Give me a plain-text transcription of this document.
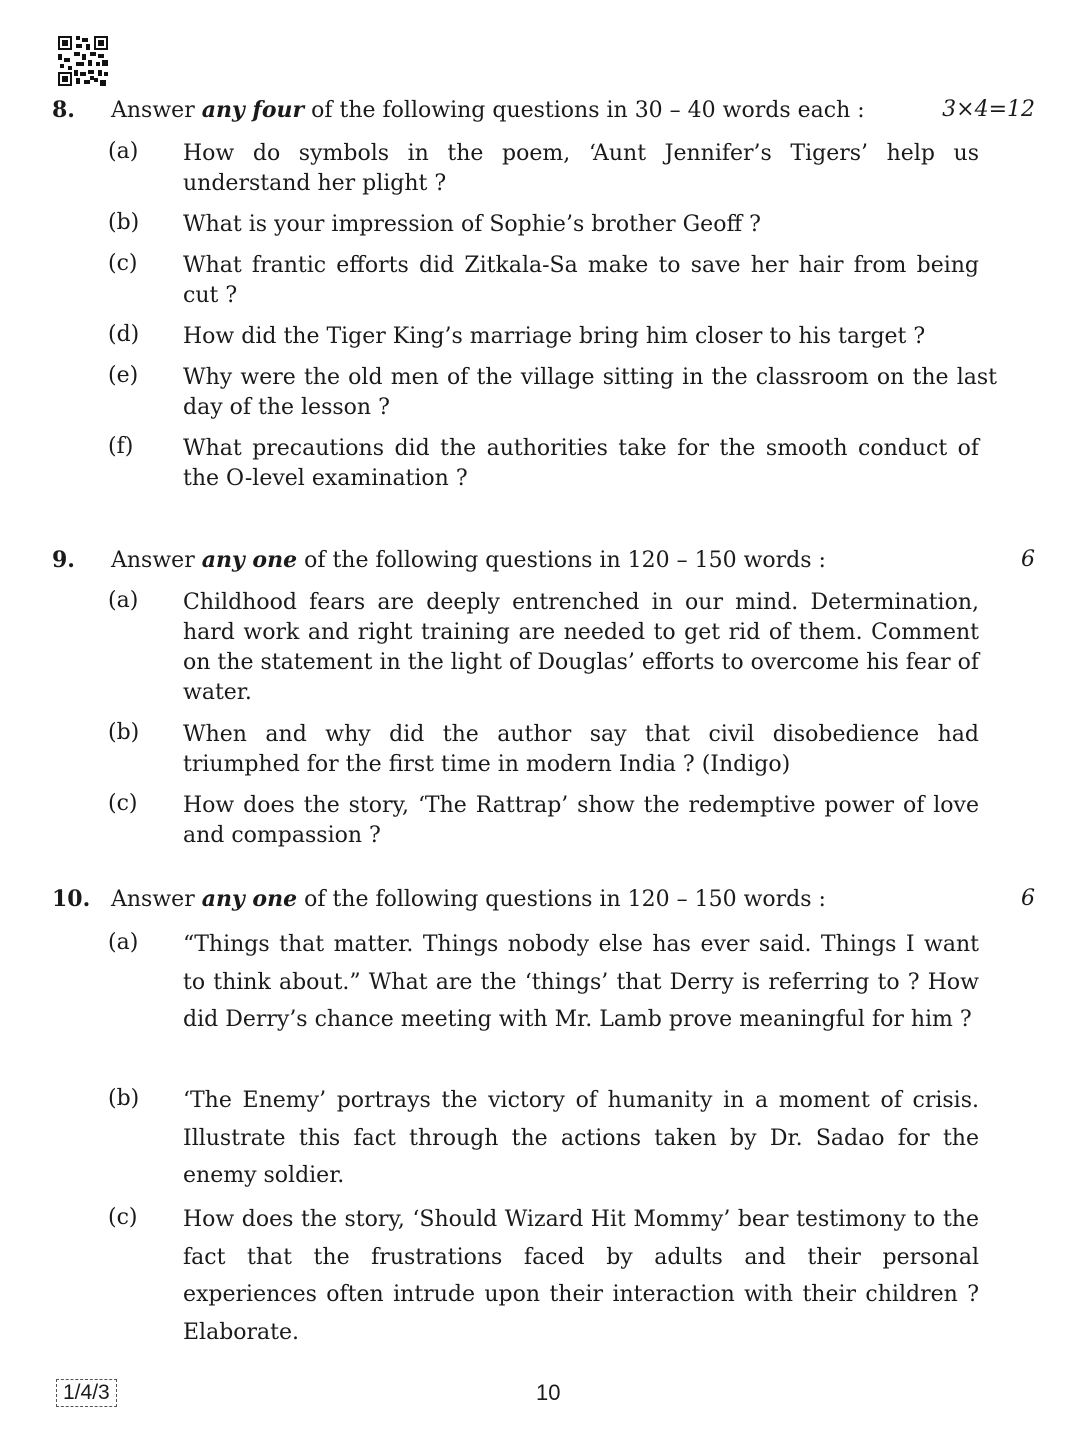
8. Answer any four of the following questions in 30 – 40 words each :	3×4=12
(a) How do symbols in the poem, ‘Aunt Jennifer’s Tigers’ help us understand her plight ?
(b) What is your impression of Sophie’s brother Geoff ?
(c) What frantic efforts did Zitkala-Sa make to save her hair from being cut ?
(d) How did the Tiger King’s marriage bring him closer to his target ?
(e) Why were the old men of the village sitting in the classroom on the last day of the lesson ?
(f) What precautions did the authorities take for the smooth conduct of the O-level examination ?
9. Answer any one of the following questions in 120 – 150 words :	6
(a) Childhood fears are deeply entrenched in our mind. Determination, hard work and right training are needed to get rid of them. Comment on the statement in the light of Douglas’ efforts to overcome his fear of water.
(b) When and why did the author say that civil disobedience had triumphed for the first time in modern India ? (Indigo)
(c) How does the story, ‘The Rattrap’ show the redemptive power of love and compassion ?
10. Answer any one of the following questions in 120 – 150 words :	6
(a) “Things that matter. Things nobody else has ever said. Things I want to think about.” What are the ‘things’ that Derry is referring to ? How did Derry’s chance meeting with Mr. Lamb prove meaningful for him ?
(b) ‘The Enemy’ portrays the victory of humanity in a moment of crisis. Illustrate this fact through the actions taken by Dr. Sadao for the enemy soldier.
(c) How does the story, ‘Should Wizard Hit Mommy’ bear testimony to the fact that the frustrations faced by adults and their personal experiences often intrude upon their interaction with their children ? Elaborate.
1/4/3	10
